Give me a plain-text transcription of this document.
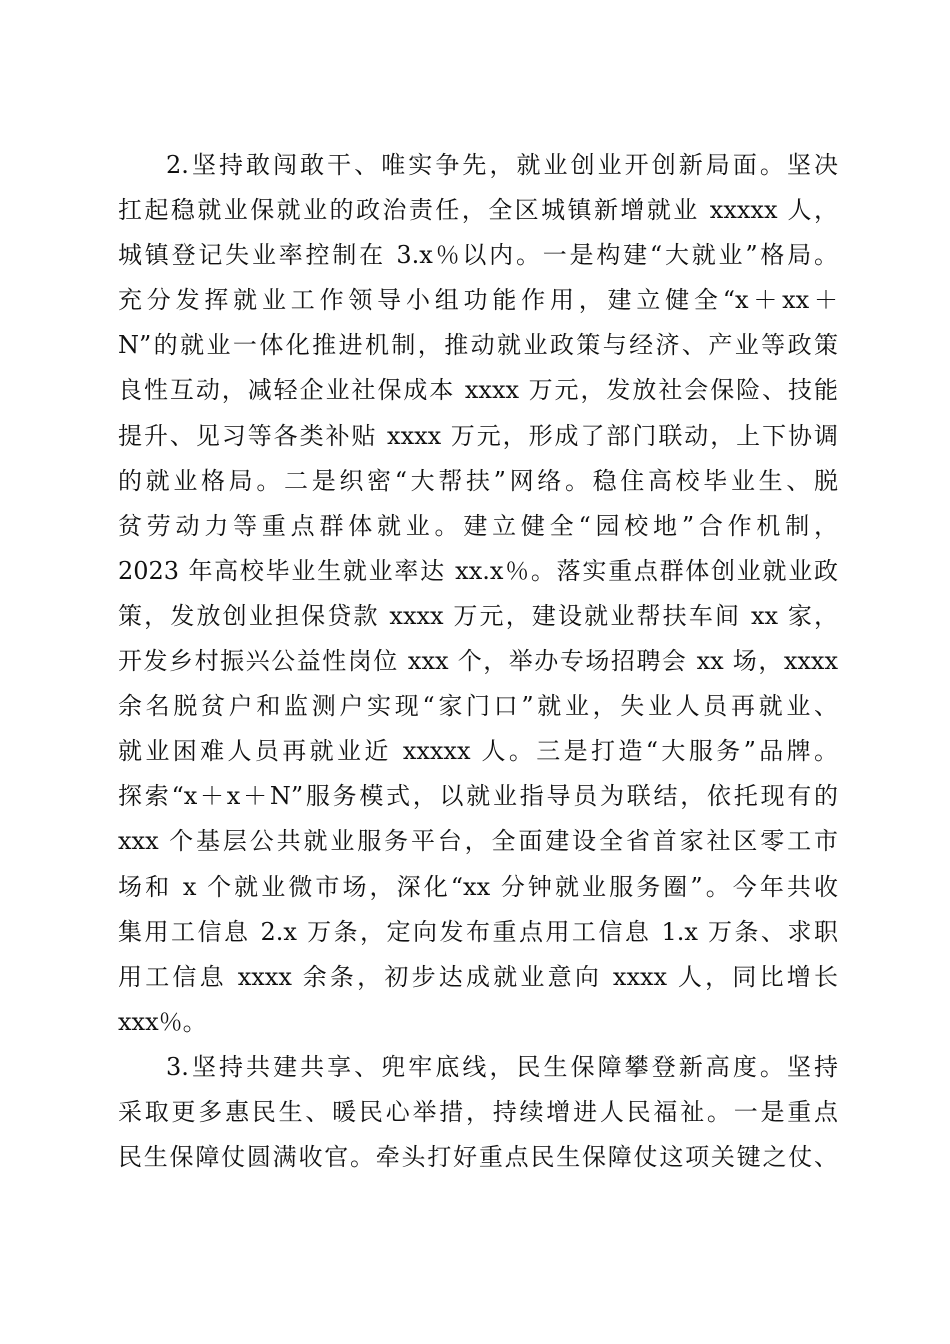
2.坚持敢闯敢干、唯实争先，就业创业开创新局面。坚决
扛起稳就业保就业的政治责任，全区城镇新增就业 xxxxx 人，
城镇登记失业率控制在 3.x％以内。一是构建“大就业”格局。
充分发挥就业工作领导小组功能作用，建立健全“x＋xx＋
N”的就业一体化推进机制，推动就业政策与经济、产业等政策
良性互动，减轻企业社保成本 xxxx 万元，发放社会保险、技能
提升、见习等各类补贴 xxxx 万元，形成了部门联动，上下协调
的就业格局。二是织密“大帮扶”网络。稳住高校毕业生、脱
贫劳动力等重点群体就业。建立健全“园校地”合作机制，
2023 年高校毕业生就业率达 xx.x％。落实重点群体创业就业政
策，发放创业担保贷款 xxxx 万元，建设就业帮扶车间 xx 家，
开发乡村振兴公益性岗位 xxx 个，举办专场招聘会 xx 场，xxxx
余名脱贫户和监测户实现“家门口”就业，失业人员再就业、
就业困难人员再就业近 xxxxx 人。三是打造“大服务”品牌。
探索“x＋x＋N”服务模式，以就业指导员为联结，依托现有的
xxx 个基层公共就业服务平台，全面建设全省首家社区零工市
场和 x 个就业微市场，深化“xx 分钟就业服务圈”。今年共收
集用工信息 2.x 万条，定向发布重点用工信息 1.x 万条、求职
用工信息 xxxx 余条，初步达成就业意向 xxxx 人，同比增长
xxx％。
3.坚持共建共享、兜牢底线，民生保障攀登新高度。坚持
采取更多惠民生、暖民心举措，持续增进人民福祉。一是重点
民生保障仗圆满收官。牵头打好重点民生保障仗这项关键之仗、
